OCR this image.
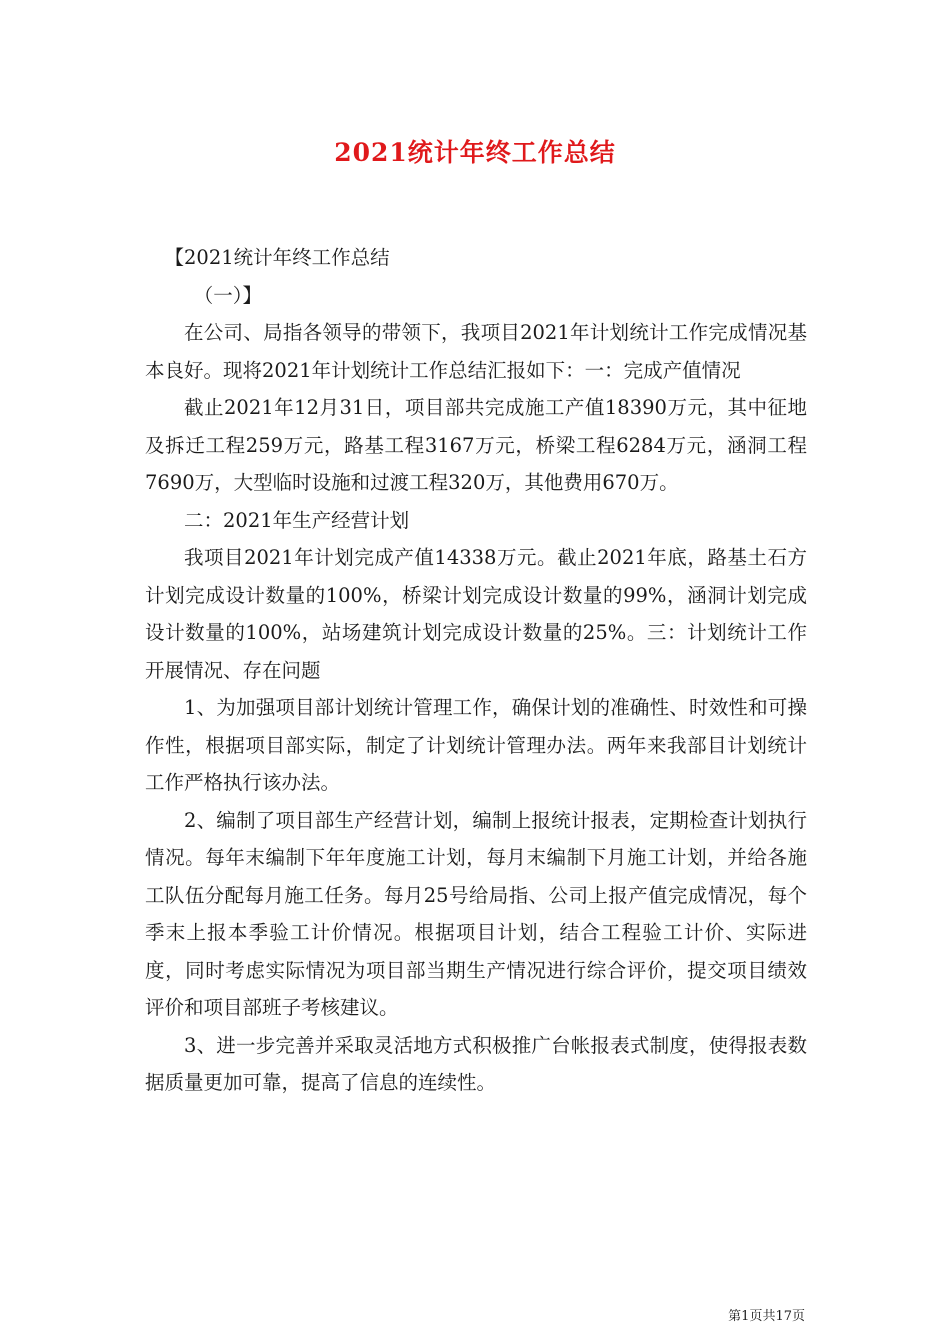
2021统计年终工作总结

【2021统计年终工作总结

（一）】

在公司、局指各领导的带领下，我项目2021年计划统计工作完成情况基本良好。现将2021年计划统计工作总结汇报如下：一：完成产值情况

截止2021年12月31日，项目部共完成施工产值18390万元，其中征地及拆迁工程259万元，路基工程3167万元，桥梁工程6284万元，涵洞工程7690万，大型临时设施和过渡工程320万，其他费用670万。

二：2021年生产经营计划

我项目2021年计划完成产值14338万元。截止2021年底，路基土石方计划完成设计数量的100%，桥梁计划完成设计数量的99%，涵洞计划完成设计数量的100%，站场建筑计划完成设计数量的25%。三：计划统计工作开展情况、存在问题

1、为加强项目部计划统计管理工作，确保计划的准确性、时效性和可操作性，根据项目部实际，制定了计划统计管理办法。两年来我部目计划统计工作严格执行该办法。

2、编制了项目部生产经营计划，编制上报统计报表，定期检查计划执行情况。每年末编制下年年度施工计划，每月末编制下月施工计划，并给各施工队伍分配每月施工任务。每月25号给局指、公司上报产值完成情况，每个季末上报本季验工计价情况。根据项目计划，结合工程验工计价、实际进度，同时考虑实际情况为项目部当期生产情况进行综合评价，提交项目绩效评价和项目部班子考核建议。

3、进一步完善并采取灵活地方式积极推广台帐报表式制度，使得报表数据质量更加可靠，提高了信息的连续性。

第1页共17页
